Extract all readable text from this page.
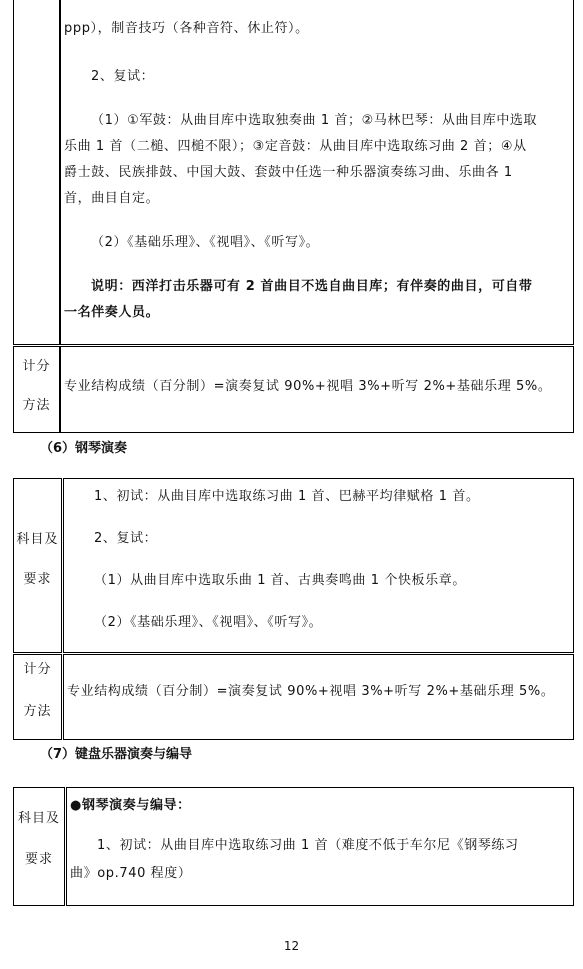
ppp），制音技巧（各种音符、休止符）。
2、复试：
（1）①军鼓：从曲目库中选取独奏曲 1 首；②马林巴琴：从曲目库中选取
乐曲 1 首（二槌、四槌不限）；③定音鼓：从曲目库中选取练习曲 2 首；④从
爵士鼓、民族排鼓、中国大鼓、套鼓中任选一种乐器演奏练习曲、乐曲各 1
首，曲目自定。
（2）《基础乐理》、《视唱》、《听写》。
说明：西洋打击乐器可有 2 首曲目不选自曲目库；有伴奏的曲目，可自带
一名伴奏人员。
计分
方法
专业结构成绩（百分制）=演奏复试 90%+视唱 3%+听写 2%+基础乐理 5%。
（6）钢琴演奏
科目及
要求
1、初试：从曲目库中选取练习曲 1 首、巴赫平均律赋格 1 首。
2、复试：
（1）从曲目库中选取乐曲 1 首、古典奏鸣曲 1 个快板乐章。
（2）《基础乐理》、《视唱》、《听写》。
计分
方法
专业结构成绩（百分制）=演奏复试 90%+视唱 3%+听写 2%+基础乐理 5%。
（7）键盘乐器演奏与编导
科目及
要求
●钢琴演奏与编导：
1、初试：从曲目库中选取练习曲 1 首（难度不低于车尔尼《钢琴练习
曲》op.740 程度）
12
